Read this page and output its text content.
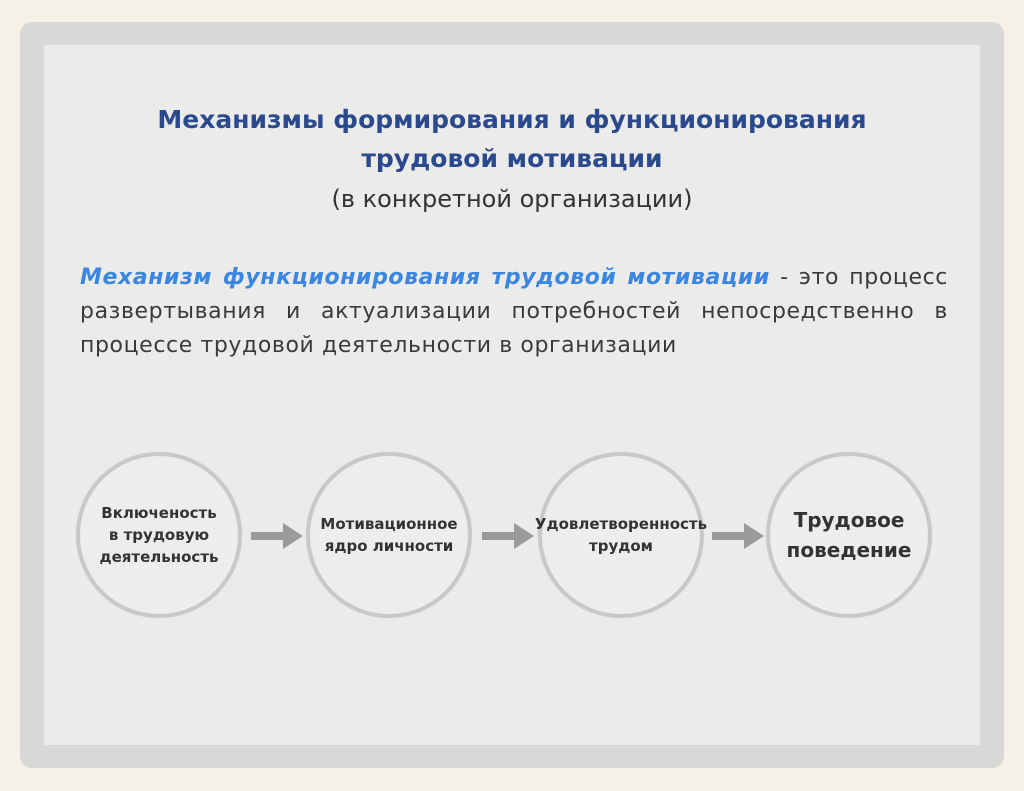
Механизмы формирования и функционирования
трудовой мотивации
(в конкретной организации)
Механизм функционирования трудовой мотивации - это процесс развертывания и актуализации потребностей непосредственно в процессе трудовой деятельности в организации
Включеность в трудовую деятельность
Мотивационное ядро личности
Удовлетворенность трудом
Трудовое поведение
